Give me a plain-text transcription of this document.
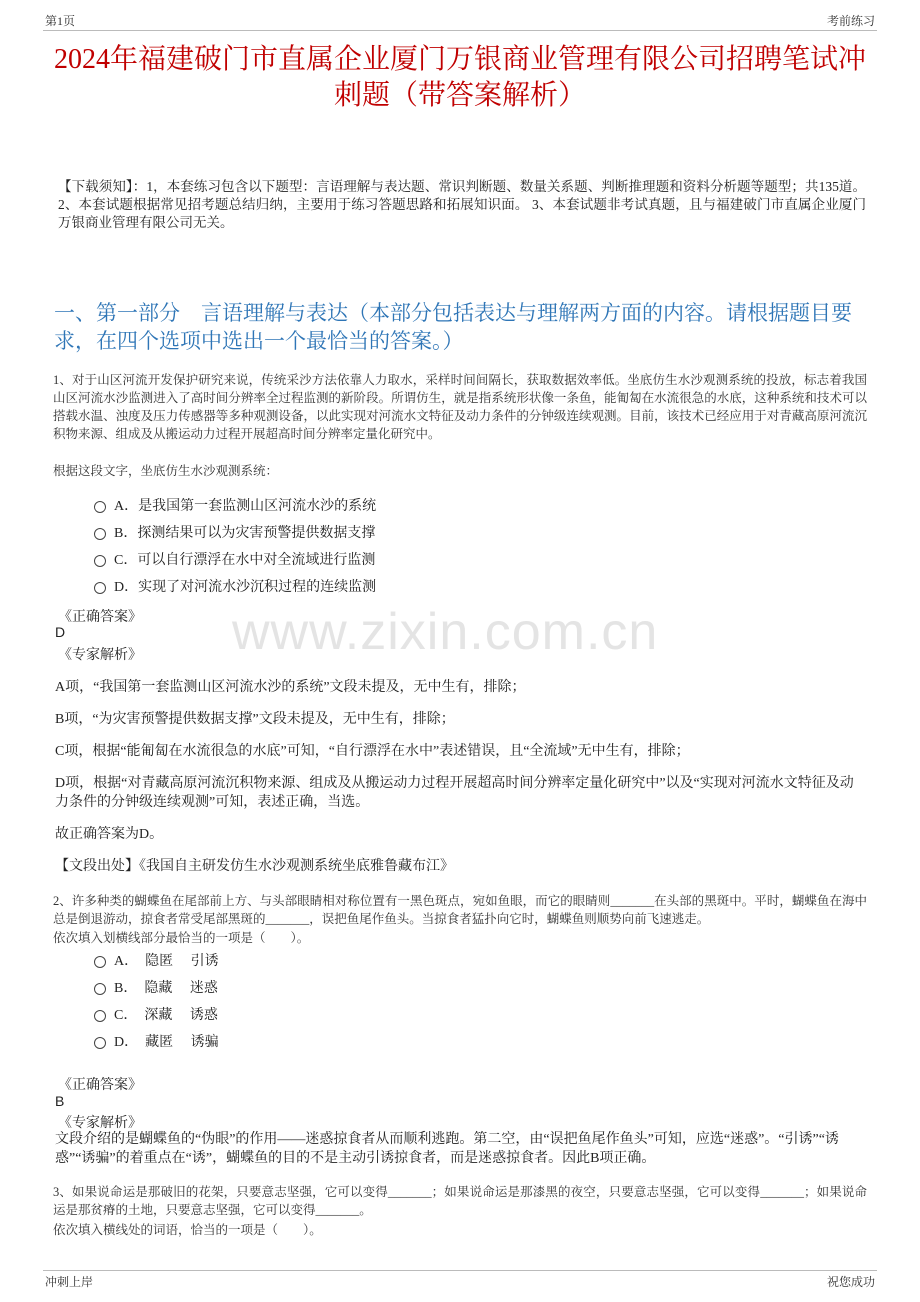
第1页	考前练习
2024年福建破门市直属企业厦门万银商业管理有限公司招聘笔试冲刺题（带答案解析）
【下载须知】：1，本套练习包含以下题型：言语理解与表达题、常识判断题、数量关系题、判断推理题和资料分析题等题型；共135道。 2、本套试题根据常见招考题总结归纳，主要用于练习答题思路和拓展知识面。 3、本套试题非考试真题，且与福建破门市直属企业厦门万银商业管理有限公司无关。
一、第一部分　言语理解与表达（本部分包括表达与理解两方面的内容。请根据题目要求，在四个选项中选出一个最恰当的答案。）
1、对于山区河流开发保护研究来说，传统采沙方法依靠人力取水，采样时间间隔长，获取数据效率低。坐底仿生水沙观测系统的投放，标志着我国山区河流水沙监测进入了高时间分辨率全过程监测的新阶段。所谓仿生，就是指系统形状像一条鱼，能匍匐在水流很急的水底，这种系统和技术可以搭载水温、浊度及压力传感器等多种观测设备，以此实现对河流水文特征及动力条件的分钟级连续观测。目前，该技术已经应用于对青藏高原河流沉积物来源、组成及从搬运动力过程开展超高时间分辨率定量化研究中。
根据这段文字，坐底仿生水沙观测系统：
A．是我国第一套监测山区河流水沙的系统
B．探测结果可以为灾害预警提供数据支撑
C．可以自行漂浮在水中对全流域进行监测
D．实现了对河流水沙沉积过程的连续监测
《正确答案》
D
《专家解析》
A项，“我国第一套监测山区河流水沙的系统”文段未提及，无中生有，排除；
B项，“为灾害预警提供数据支撑”文段未提及，无中生有，排除；
C项，根据“能匍匐在水流很急的水底”可知，“自行漂浮在水中”表述错误，且“全流域”无中生有，排除；
D项，根据“对青藏高原河流沉积物来源、组成及从搬运动力过程开展超高时间分辨率定量化研究中”以及“实现对河流水文特征及动力条件的分钟级连续观测”可知，表述正确，当选。
故正确答案为D。
【文段出处】《我国自主研发仿生水沙观测系统坐底雅鲁藏布江》
www.zixin.com.cn
2、许多种类的蝴蝶鱼在尾部前上方、与头部眼睛相对称位置有一黑色斑点，宛如鱼眼，而它的眼睛则_______在头部的黑斑中。平时，蝴蝶鱼在海中总是倒退游动，掠食者常受尾部黑斑的_______，误把鱼尾作鱼头。当掠食者猛扑向它时，蝴蝶鱼则顺势向前飞速逃走。
依次填入划横线部分最恰当的一项是（　　）。
A．　隐匿　 引诱
B．　隐藏　 迷惑
C．　深藏　 诱惑
D．　藏匿　 诱骗
《正确答案》
B
《专家解析》
文段介绍的是蝴蝶鱼的“伪眼”的作用——迷惑掠食者从而顺利逃跑。第二空，由“误把鱼尾作鱼头”可知，应选“迷惑”。“引诱”“诱惑”“诱骗”的着重点在“诱”，蝴蝶鱼的目的不是主动引诱掠食者，而是迷惑掠食者。因此B项正确。
3、如果说命运是那破旧的花架，只要意志坚强，它可以变得_______；如果说命运是那漆黑的夜空，只要意志坚强，它可以变得_______；如果说命运是那贫瘠的土地，只要意志坚强，它可以变得_______。
依次填入横线处的词语，恰当的一项是（　　）。
冲刺上岸	祝您成功
